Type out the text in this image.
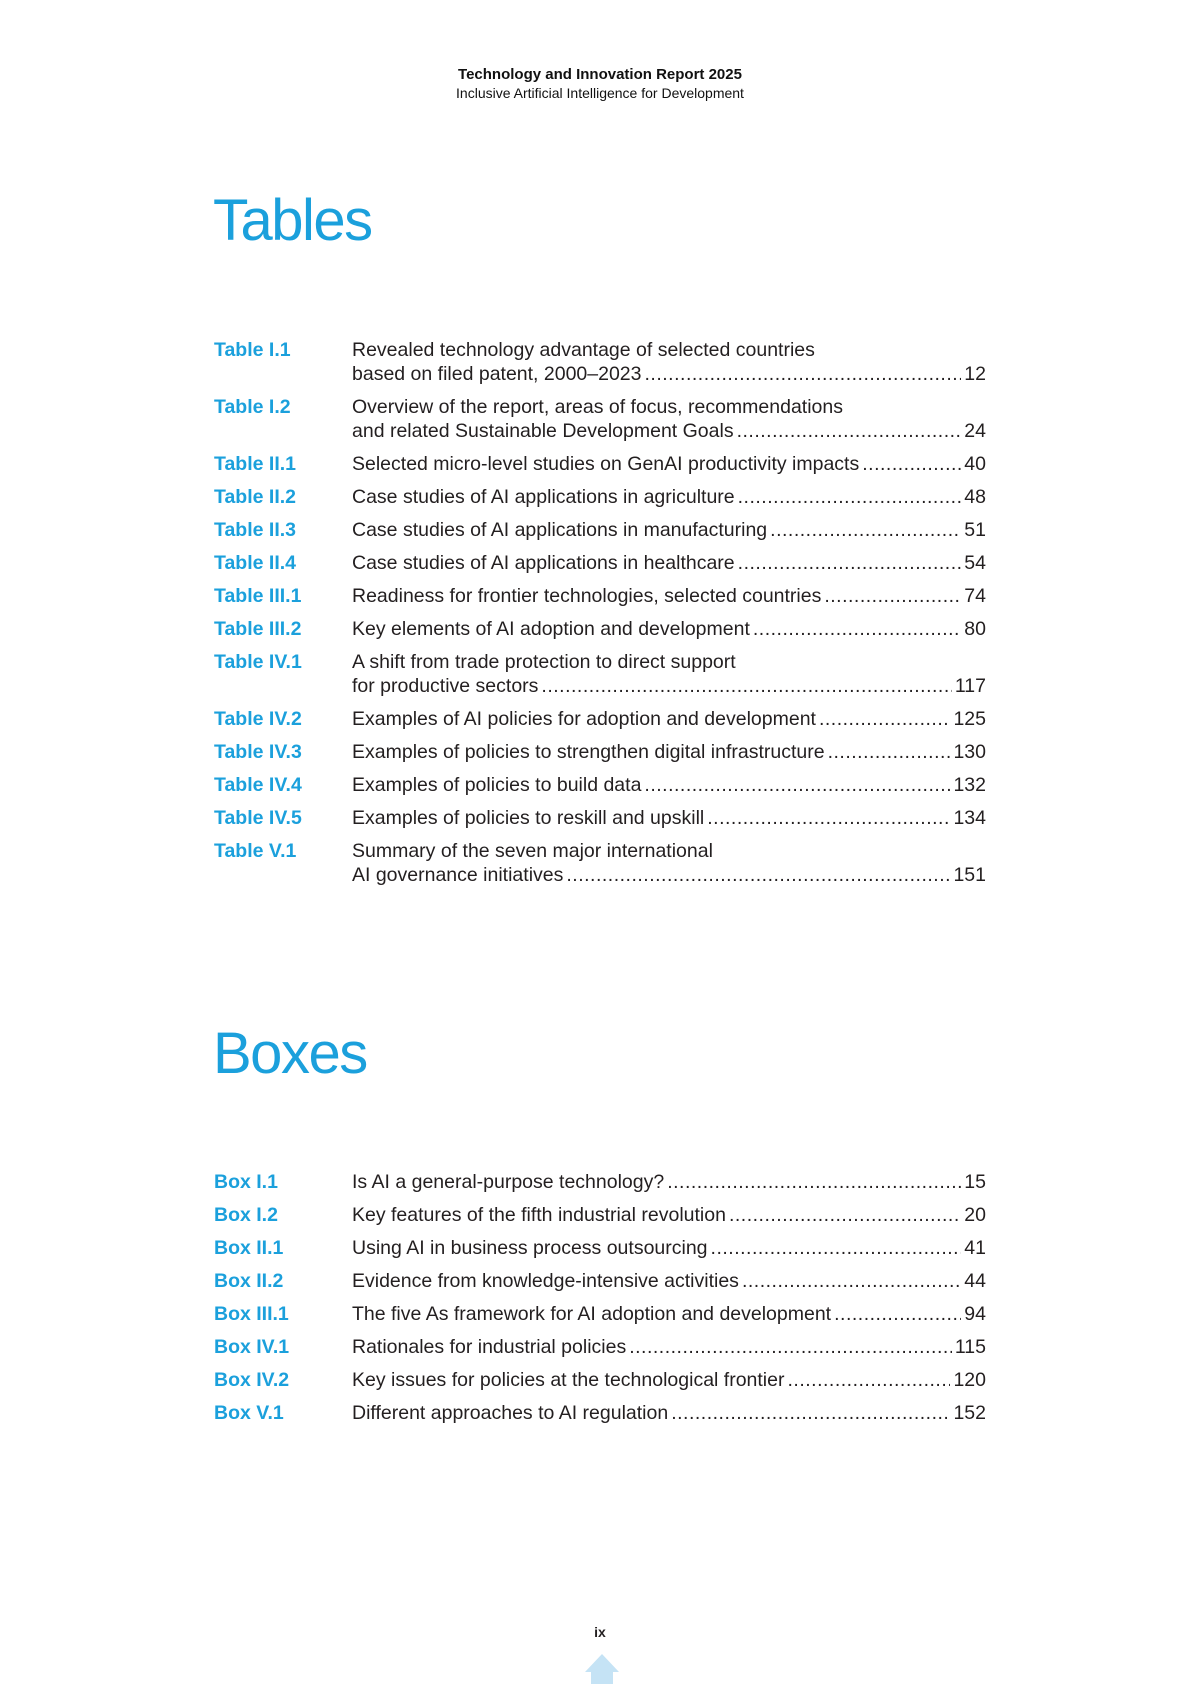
Technology and Innovation Report 2025
Inclusive Artificial Intelligence for Development
Tables
Table I.1	Revealed technology advantage of selected countries
based on filed patent, 2000–2023 .....	12
Table I.2	Overview of the report, areas of focus, recommendations
and related Sustainable Development Goals .....	24
Table II.1	Selected micro-level studies on GenAI productivity impacts .....	40
Table II.2	Case studies of AI applications in agriculture .....	48
Table II.3	Case studies of AI applications in manufacturing .....	51
Table II.4	Case studies of AI applications in healthcare .....	54
Table III.1	Readiness for frontier technologies, selected countries .....	74
Table III.2	Key elements of AI adoption and development .....	80
Table IV.1	A shift from trade protection to direct support
for productive sectors .....	117
Table IV.2	Examples of AI policies for adoption and development .....	125
Table IV.3	Examples of policies to strengthen digital infrastructure .....	130
Table IV.4	Examples of policies to build data .....	132
Table IV.5	Examples of policies to reskill and upskill .....	134
Table V.1	Summary of the seven major international
AI governance initiatives .....	151
Boxes
Box I.1	Is AI a general-purpose technology? .....	15
Box I.2	Key features of the fifth industrial revolution .....	20
Box II.1	Using AI in business process outsourcing .....	41
Box II.2	Evidence from knowledge-intensive activities .....	44
Box III.1	The five As framework for AI adoption and development .....	94
Box IV.1	Rationales for industrial policies .....	115
Box IV.2	Key issues for policies at the technological frontier .....	120
Box V.1	Different approaches to AI regulation .....	152
ix
